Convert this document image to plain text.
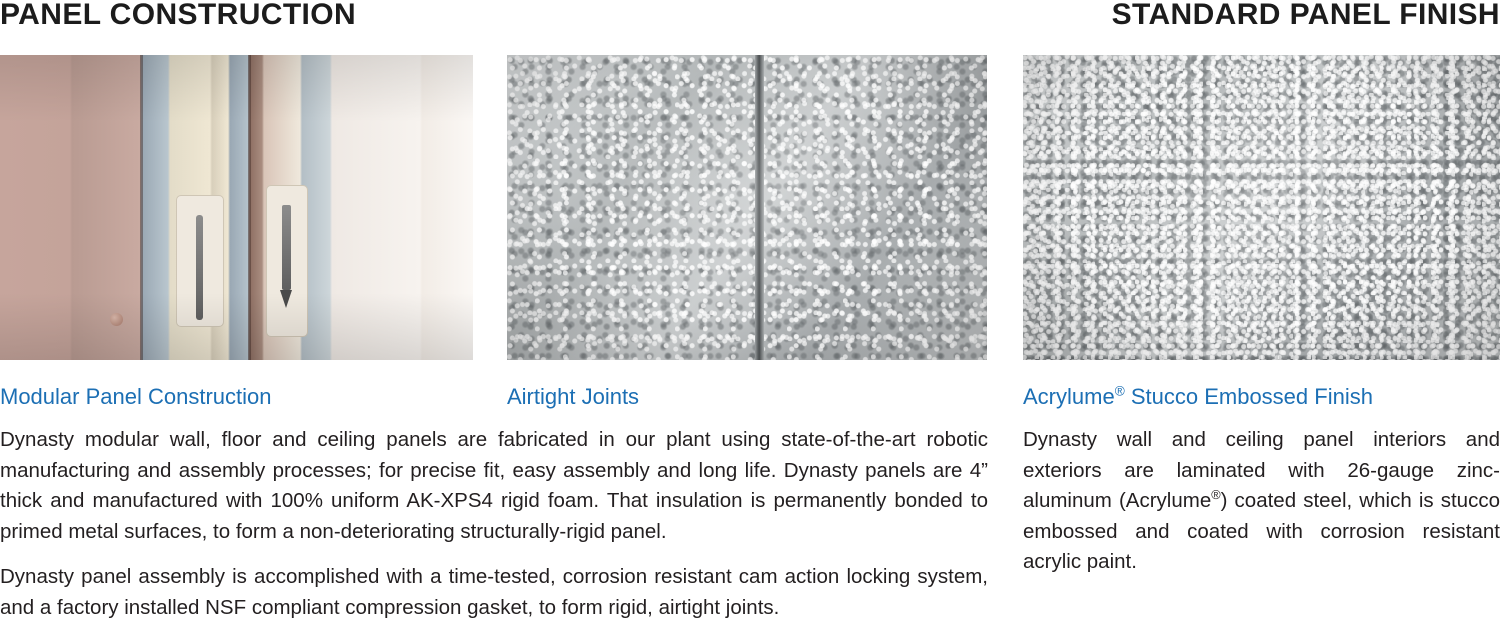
PANEL CONSTRUCTION	STANDARD PANEL FINISH
Modular Panel Construction	Airtight Joints

Dynasty modular wall, floor and ceiling panels are fabricated in our plant using state-of-the-art robotic manufacturing and assembly processes; for precise fit, easy assembly and long life. Dynasty panels are 4” thick and manufactured with 100% uniform AK-XPS4 rigid foam. That insulation is permanently bonded to primed metal surfaces, to form a non-deteriorating structurally-rigid panel.

Dynasty panel assembly is accomplished with a time-tested, corrosion resistant cam action locking system, and a factory installed NSF compliant compression gasket, to form rigid, airtight joints.

Acrylume® Stucco Embossed Finish

Dynasty wall and ceiling panel interiors and exteriors are laminated with 26-gauge zinc-aluminum (Acrylume®) coated steel, which is stucco embossed and coated with corrosion resistant acrylic paint.
